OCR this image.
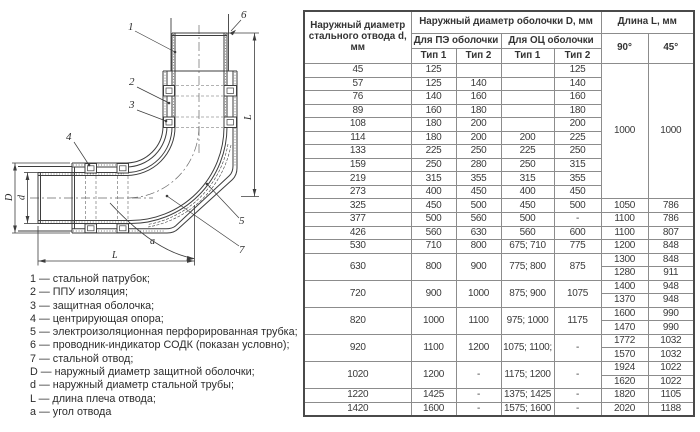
1
2
3
4
5
6
7
L
L
D d
a
1 — стальной патрубок;
2 — ППУ изоляция;
3 — защитная оболочка;
4 — центрирующая опора;
5 — электроизоляционная перфорированная трубка;
6 — проводник-индикатор СОДК (показан условно);
7 — стальной отвод;
D — наружный диаметр защитной оболочки;
d — наружный диаметр стальной трубы;
L — длина плеча отвода;
a — угол отвода
Наружный диаметр стального отвода d, мм	Наружный диаметр оболочки D, мм				Длина L, мм	
	Для ПЭ оболочки		Для ОЦ оболочки		90°	45°
	Тип 1	Тип 2	Тип 1	Тип 2		
45	125			125	1000	1000
57	125	140		140		
76	140	160		160		
89	160	180		180		
108	180	200		200		
114	180	200	200	225		
133	225	250	225	250		
159	250	280	250	315		
219	315	355	315	355		
273	400	450	400	450		
325	450	500	450	500	1050	786
377	500	560	500	-	1100	786
426	560	630	560	600	1100	807
530	710	800	675; 710	775	1200	848
630	800	900	775; 800	875	1300	848
					1280	911
720	900	1000	875; 900	1075	1400	948
					1370	948
820	1000	1100	975; 1000	1175	1600	990
					1470	990
920	1100	1200	1075; 1100;	-	1772	1032
					1570	1032
1020	1200	-	1175; 1200	-	1924	1022
					1620	1022
1220	1425	-	1375; 1425	-	1820	1105
1420	1600	-	1575; 1600	-	2020	1188
